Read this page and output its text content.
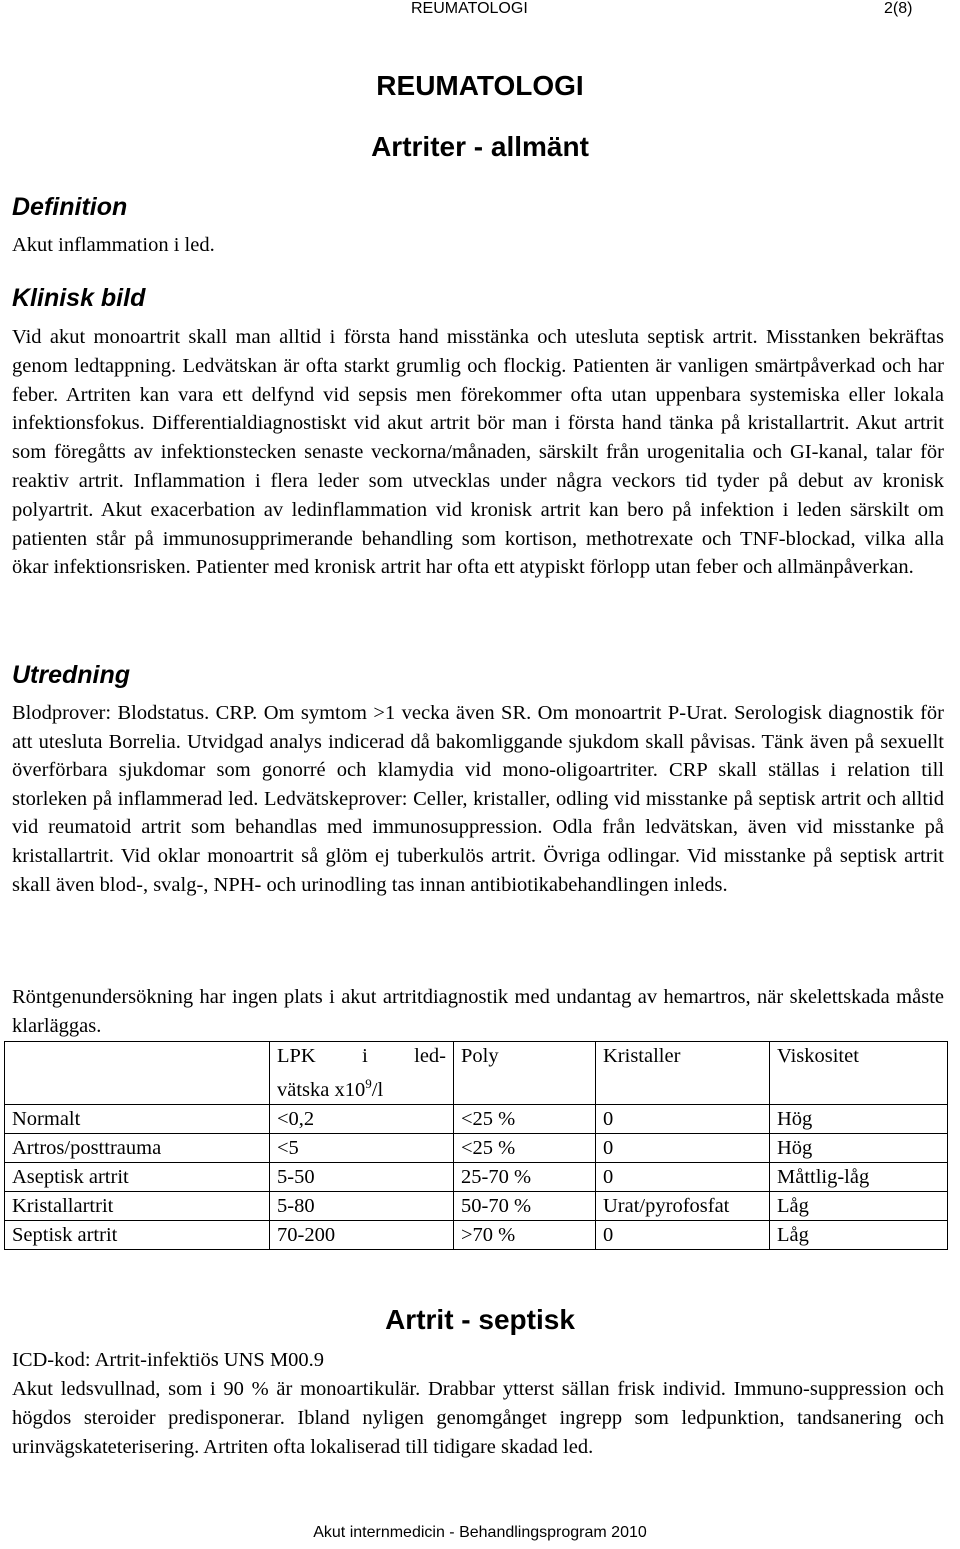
REUMATOLOGI	2(8)
REUMATOLOGI
Artriter - allmänt
Definition

Akut inflammation i led.

Klinisk bild

Vid akut monoartrit skall man alltid i första hand misstänka och utesluta septisk artrit. Misstanken bekräftas genom ledtappning. Ledvätskan är ofta starkt grumlig och flockig. Patienten är vanligen smärtpåverkad och har feber. Artriten kan vara ett delfynd vid sepsis men förekommer ofta utan uppenbara systemiska eller lokala infektionsfokus. Differentialdiagnostiskt vid akut artrit bör man i första hand tänka på kristallartrit. Akut artrit som föregåtts av infektionstecken senaste veckorna/månaden, särskilt från urogenitalia och GI-kanal, talar för reaktiv artrit. Inflammation i flera leder som utvecklas under några veckors tid tyder på debut av kronisk polyartrit. Akut exacerbation av ledinflammation vid kronisk artrit kan bero på infektion i leden särskilt om patienten står på immunosupprimerande behandling som kortison, methotrexate och TNF-blockad, vilka alla ökar infektionsrisken. Patienter med kronisk artrit har ofta ett atypiskt förlopp utan feber och allmänpåverkan.

Utredning

Blodprover: Blodstatus. CRP. Om symtom >1 vecka även SR. Om monoartrit P-Urat. Serologisk diagnostik för att utesluta Borrelia. Utvidgad analys indicerad då bakomliggande sjukdom skall påvisas. Tänk även på sexuellt överförbara sjukdomar som gonorré och klamydia vid mono-oligoartriter. CRP skall ställas i relation till storleken på inflammerad led. Ledvätskeprover: Celler, kristaller, odling vid misstanke på septisk artrit och alltid vid reumatoid artrit som behandlas med immunosuppression. Odla från ledvätskan, även vid misstanke på kristallartrit. Vid oklar monoartrit så glöm ej tuberkulös artrit. Övriga odlingar. Vid misstanke på septisk artrit skall även blod-, svalg-, NPH- och urinodling tas innan antibiotikabehandlingen inleds.

Röntgenundersökning har ingen plats i akut artritdiagnostik med undantag av hemartros, när skelettskada måste klarläggas.

	LPK i led-
vätska $x10^9/l$	Poly	Kristaller	Viskositet
Normalt	<0,2	<25 %	0	Hög
Artros/posttrauma	<5	<25 %	0	Hög
Aseptisk artrit	5-50	25-70 %	0	Måttlig-låg
Kristallartrit	5-80	50-70 %	Urat/pyrofosfat	Låg
Septisk artrit	70-200	>70 %	0	Låg
Artrit - septisk

ICD-kod: Artrit-infektiös UNS M00.9

Akut ledsvullnad, som i 90 % är monoartikulär. Drabbar ytterst sällan frisk individ. Immuno-suppression och högdos steroider predisponerar. Ibland nyligen genomgånget ingrepp som ledpunktion, tandsanering och urinvägskateterisering. Artriten ofta lokaliserad till tidigare skadad led.

Akut internmedicin - Behandlingsprogram 2010
